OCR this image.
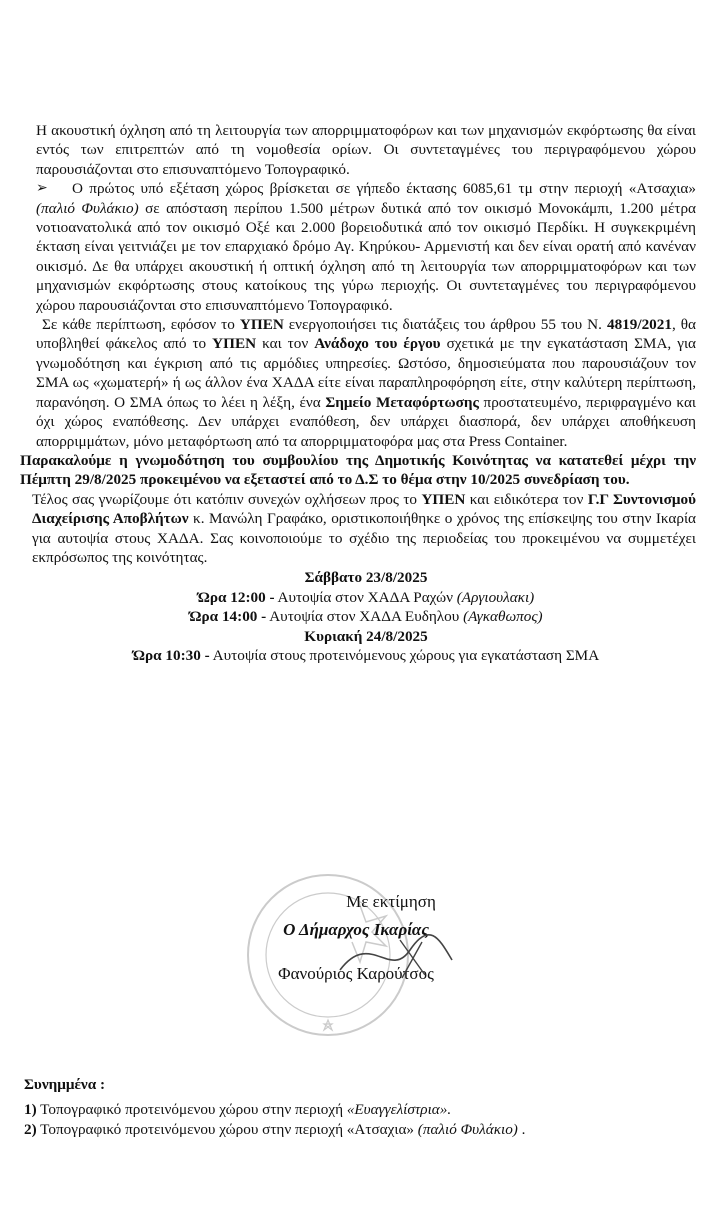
Η ακουστική όχληση από τη λειτουργία των απορριμματοφόρων και των μηχανισμών εκφόρτωσης θα είναι εντός των επιτρεπτών από τη νομοθεσία ορίων. Οι συντεταγμένες του περιγραφόμενου χώρου παρουσιάζονται στο επισυναπτόμενο Τοπογραφικό.

➢	Ο πρώτος υπό εξέταση χώρος βρίσκεται σε γήπεδο έκτασης 6085,61 τμ στην περιοχή «Ατσαχια» (παλιό Φυλάκιο) σε απόσταση περίπου 1.500 μέτρων δυτικά από τον οικισμό Μονοκάμπι, 1.200 μέτρα νοτιοανατολικά από τον οικισμό Οξέ και 2.000 βορειοδυτικά από τον οικισμό Περδίκι. Η συγκεκριμένη έκταση είναι γειτνιάζει με τον επαρχιακό δρόμο Αγ. Κηρύκου- Αρμενιστή και δεν είναι ορατή από κανέναν οικισμό. Δε θα υπάρχει ακουστική ή οπτική όχληση από τη λειτουργία των απορριμματοφόρων και των μηχανισμών εκφόρτωσης στους κατοίκους της γύρω περιοχής. Οι συντεταγμένες του περιγραφόμενου χώρου παρουσιάζονται στο επισυναπτόμενο Τοπογραφικό.

Σε κάθε περίπτωση, εφόσον το ΥΠΕΝ ενεργοποιήσει τις διατάξεις του άρθρου 55 του Ν. 4819/2021, θα υποβληθεί φάκελος από το ΥΠΕΝ και τον Ανάδοχο του έργου σχετικά με την εγκατάσταση ΣΜΑ, για γνωμοδότηση και έγκριση από τις αρμόδιες υπηρεσίες. Ωστόσο, δημοσιεύματα που παρουσιάζουν τον ΣΜΑ ως «χωματερή» ή ως άλλον ένα ΧΑΔΑ είτε είναι παραπληροφόρηση είτε, στην καλύτερη περίπτωση, παρανόηση. Ο ΣΜΑ όπως το λέει η λέξη, ένα Σημείο Μεταφόρτωσης προστατευμένο, περιφραγμένο και όχι χώρος εναπόθεσης. Δεν υπάρχει εναπόθεση, δεν υπάρχει διασπορά, δεν υπάρχει αποθήκευση απορριμμάτων, μόνο μεταφόρτωση από τα απορριμματοφόρα μας στα Press Container.

Παρακαλούμε η γνωμοδότηση του συμβουλίου της Δημοτικής Κοινότητας να κατατεθεί μέχρι την Πέμπτη 29/8/2025 προκειμένου να εξεταστεί από το Δ.Σ το θέμα στην 10/2025 συνεδρίαση του.

Τέλος σας γνωρίζουμε ότι κατόπιν συνεχών οχλήσεων προς το ΥΠΕΝ και ειδικότερα τον Γ.Γ Συντονισμού Διαχείρισης Αποβλήτων κ. Μανώλη Γραφάκο, οριστικοποιήθηκε ο χρόνος της επίσκεψης του στην Ικαρία για αυτοψία στους ΧΑΔΑ. Σας κοινοποιούμε το σχέδιο της περιοδείας του προκειμένου να συμμετέχει εκπρόσωπος της κοινότητας.

Σάββατο 23/8/2025

Ώρα 12:00 - Αυτοψία στον ΧΑΔΑ Ραχών (Αργιουλακι)

Ώρα 14:00 - Αυτοψία στον ΧΑΔΑ Ευδηλου (Αγκαθωπος)

Κυριακή 24/8/2025

Ώρα 10:30 - Αυτοψία στους προτεινόμενους χώρους για εγκατάσταση ΣΜΑ

Με εκτίμηση
Ο Δήμαρχος Ικαρίας
Φανούριος Καρούτσος
Συνημμένα :
1) Τοπογραφικό προτεινόμενου χώρου στην περιοχή «Ευαγγελίστρια».
2) Τοπογραφικό προτεινόμενου χώρου στην περιοχή «Ατσαχια» (παλιό Φυλάκιο) .
